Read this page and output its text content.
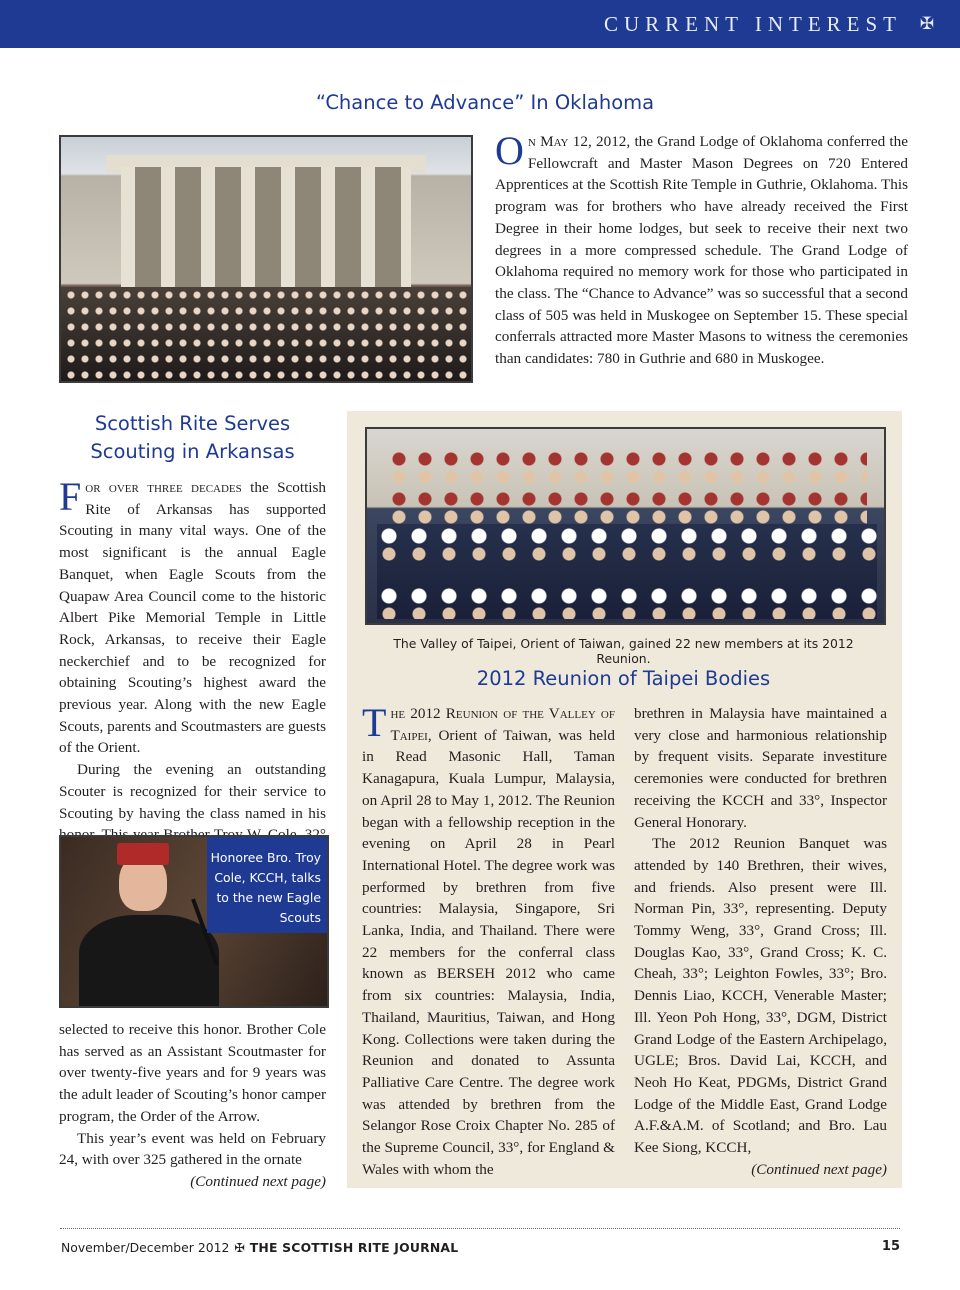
CURRENT INTEREST ✠
“Chance to Advance” In Oklahoma

On May 12, 2012, the Grand Lodge of Oklahoma conferred the Fellowcraft and Master Mason Degrees on 720 Entered Apprentices at the Scottish Rite Temple in Guthrie, Oklahoma. This program was for brothers who have already received the First Degree in their home lodges, but seek to receive their next two degrees in a more compressed schedule. The Grand Lodge of Oklahoma required no memory work for those who participated in the class. The “Chance to Advance” was so successful that a second class of 505 was held in Muskogee on September 15. These special conferrals attracted more Master Masons to witness the ceremonies than candidates: 780 in Guthrie and 680 in Muskogee.

Scottish Rite Serves
Scouting in Arkansas

For over three decades the Scottish Rite of Arkansas has supported Scouting in many vital ways. One of the most significant is the annual Eagle Banquet, when Eagle Scouts from the Quapaw Area Council come to the historic Albert Pike Memorial Temple in Little Rock, Arkansas, to receive their Eagle neckerchief and to be recognized for obtaining Scouting’s highest award the previous year. Along with the new Eagle Scouts, parents and Scoutmasters are guests of the Orient.

During the evening an outstanding Scouter is recognized for their service to Scouting by having the class named in his

Honoree Bro. Troy Cole, KCCH, talks to the new Eagle Scouts

selected to receive this honor. Brother Cole has served as an Assistant Scoutmaster for over twenty-five years and for 9 years was the adult leader of Scouting’s honor camper program, the Order of the Arrow.

This year’s event was held on February 24, with over 325 gathered in the ornate

(Continued next page)

The Valley of Taipei, Orient of Taiwan, gained 22 new members at its 2012 Reunion.

2012 Reunion of Taipei Bodies

The 2012 Reunion of the Valley of Taipei, Orient of Taiwan, was held in Read Masonic Hall, Taman Kanagapura, Kuala Lumpur, Malaysia, on April 28 to May 1, 2012. The Reunion began with a fellowship reception in the evening on April 28 in Pearl International Hotel. The degree work was performed by brethren from five countries: Malaysia, Singapore, Sri Lanka, India, and Thailand. There were 22 members for the conferral class known as BERSEH 2012 who came from six countries: Malaysia, India, Thailand, Mauritius, Taiwan, and Hong Kong. Collections were taken during the Reunion and donated to Assunta Palliative Care Centre. The degree work was attended by brethren from the Selangor Rose Croix Chapter No. 285 of the Supreme Council, 33°, for England & Wales with whom the

brethren in Malaysia have maintained a very close and harmonious relationship by frequent visits. Separate investiture ceremonies were conducted for brethren receiving the KCCH and 33°, Inspector General Honorary.

The 2012 Reunion Banquet was attended by 140 Brethren, their wives, and friends. Also present were Ill. Norman Pin, 33°, representing. Deputy Tommy Weng, 33°, Grand Cross; Ill. Douglas Kao, 33°, Grand Cross; K. C. Cheah, 33°; Leighton Fowles, 33°; Bro. Dennis Liao, KCCH, Venerable Master; Ill. Yeon Poh Hong, 33°, DGM, District Grand Lodge of the Eastern Archipelago, UGLE; Bros. David Lai, KCCH, and Neoh Ho Keat, PDGMs, District Grand Lodge of the Middle East, Grand Lodge A.F.&A.M. of Scotland; and Bro. Lau Kee Siong, KCCH,

(Continued next page)

November/December 2012 ✠ THE SCOTTISH RITE JOURNAL	15
